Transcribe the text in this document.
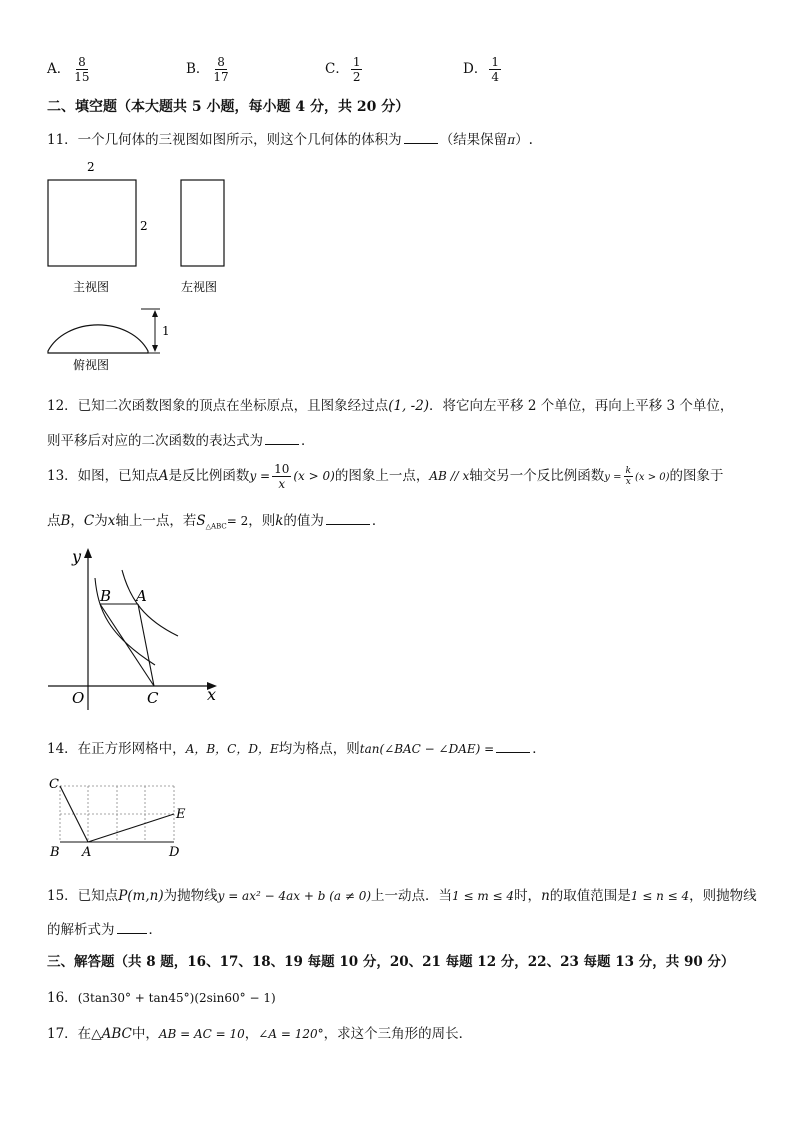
A． $\frac{8}{15}$	B． $\frac{8}{17}$	C． $\frac{1}{2}$	D． $\frac{1}{4}$
二、填空题（本大题共 5 小题，每小题 4 分，共 20 分）
11．一个几何体的三视图如图所示，则这个几何体的体积为	（结果保留π）.
2
2
主视图	左视图
1
俯视图
12．已知二次函数图象的顶点在坐标原点，且图象经过点(1, -2)．将它向左平移 2 个单位，再向上平移 3 个单位，
则平移后对应的二次函数的表达式为	．
13．如图，已知点A是反比例函数$y = \frac{10}{x} (x > 0)$的图象上一点，AB // x轴交另一个反比例函数$y = \frac{k}{x} (x > 0)$的图象于
点B，C为x轴上一点，若$S_{\triangle ABC}= 2$，则k的值为	．
y
x
O
B A
C
14．在正方形网格中，A，B，C，D，E均为格点，则tan(∠BAC − ∠DAE) =	．
C
E
B A	D
15．已知点P(m,n)为抛物线y = ax² − 4ax + b (a ≠ 0)上一动点．当1 ≤ m ≤ 4时，n的取值范围是1 ≤ n ≤ 4，则抛物线
的解析式为	．
三、解答题（共 8 题，16、17、18、19 每题 10 分，20、21 每题 12 分，22、23 每题 13 分，共 90 分）
16．(3tan30° + tan45°)(2sin60° − 1)
17．在△ABC中，AB = AC = 10，∠A = 120°，求这个三角形的周长．
